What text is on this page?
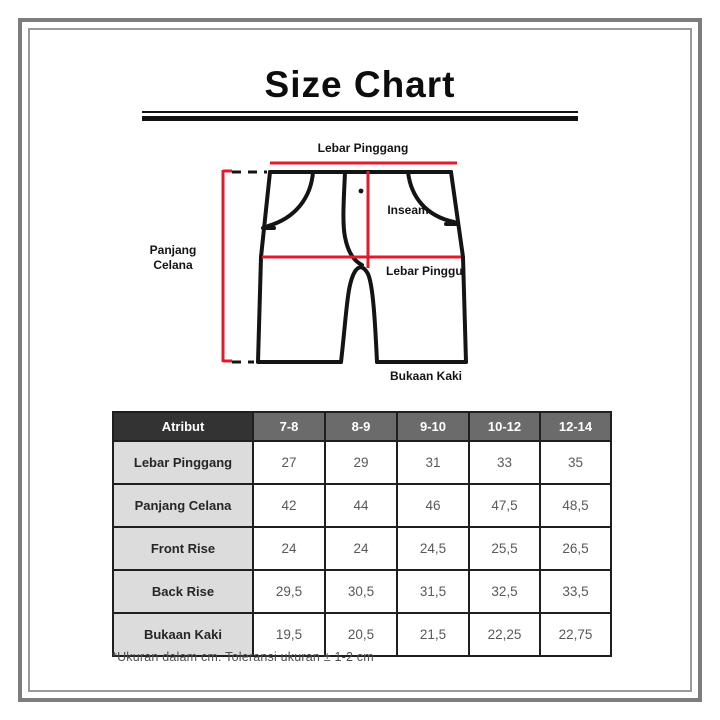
Size Chart
Lebar Pinggang
Inseam
Lebar Pinggul
Panjang Celana
Bukaan Kaki
Atribut	7-8	8-9	9-10	10-12	12-14
Lebar Pinggang	27	29	31	33	35
Panjang Celana	42	44	46	47,5	48,5
Front Rise	24	24	24,5	25,5	26,5
Back Rise	29,5	30,5	31,5	32,5	33,5
Bukaan Kaki	19,5	20,5	21,5	22,25	22,75
*Ukuran dalam cm. Toleransi ukuran ± 1-2 cm
